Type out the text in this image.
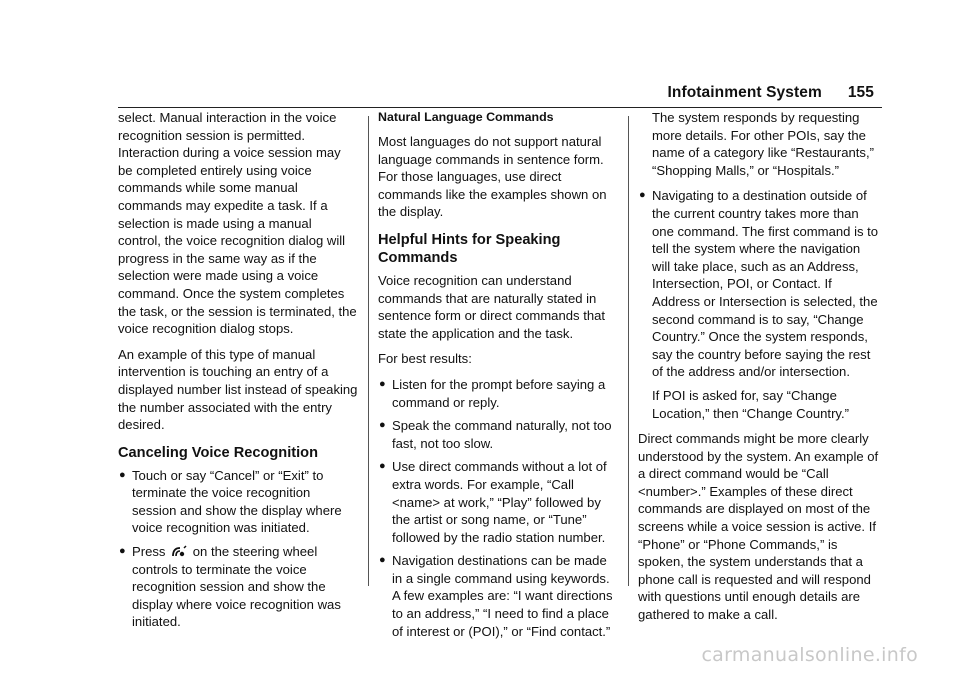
Infotainment System 155

select. Manual interaction in the voice recognition session is permitted. Interaction during a voice session may be completed entirely using voice commands while some manual commands may expedite a task. If a selection is made using a manual control, the voice recognition dialog will progress in the same way as if the selection were made using a voice command. Once the system completes the task, or the session is terminated, the voice recognition dialog stops.

An example of this type of manual intervention is touching an entry of a displayed number list instead of speaking the number associated with the entry desired.

Canceling Voice Recognition
● Touch or say “Cancel” or “Exit” to terminate the voice recognition session and show the display where voice recognition was initiated.
● Press on the steering wheel controls to terminate the voice recognition session and show the display where voice recognition was initiated.
Natural Language Commands

Most languages do not support natural language commands in sentence form. For those languages, use direct commands like the examples shown on the display.

Helpful Hints for Speaking Commands

Voice recognition can understand commands that are naturally stated in sentence form or direct commands that state the application and the task.

For best results:

● Listen for the prompt before saying a command or reply.
● Speak the command naturally, not too fast, not too slow.
● Use direct commands without a lot of extra words. For example, “Call <name> at work,” “Play” followed by the artist or song name, or “Tune” followed by the radio station number.
● Navigation destinations can be made in a single command using keywords. A few examples are: “I want directions to an address,” “I need to find a place of interest or (POI),” or “Find contact.”

The system responds by requesting more details. For other POIs, say the name of a category like “Restaurants,” “Shopping Malls,” or “Hospitals.”

● Navigating to a destination outside of the current country takes more than one command. The first command is to tell the system where the navigation will take place, such as an Address, Intersection, POI, or Contact. If Address or Intersection is selected, the second command is to say, “Change Country.” Once the system responds, say the country before saying the rest of the address and/or intersection.

If POI is asked for, say “Change Location,” then “Change Country.”

Direct commands might be more clearly understood by the system. An example of a direct command would be “Call <number>.” Examples of these direct commands are displayed on most of the screens while a voice session is active. If “Phone” or “Phone Commands,” is spoken, the system understands that a phone call is requested and will respond with questions until enough details are gathered to make a call.

carmanualsonline.info
